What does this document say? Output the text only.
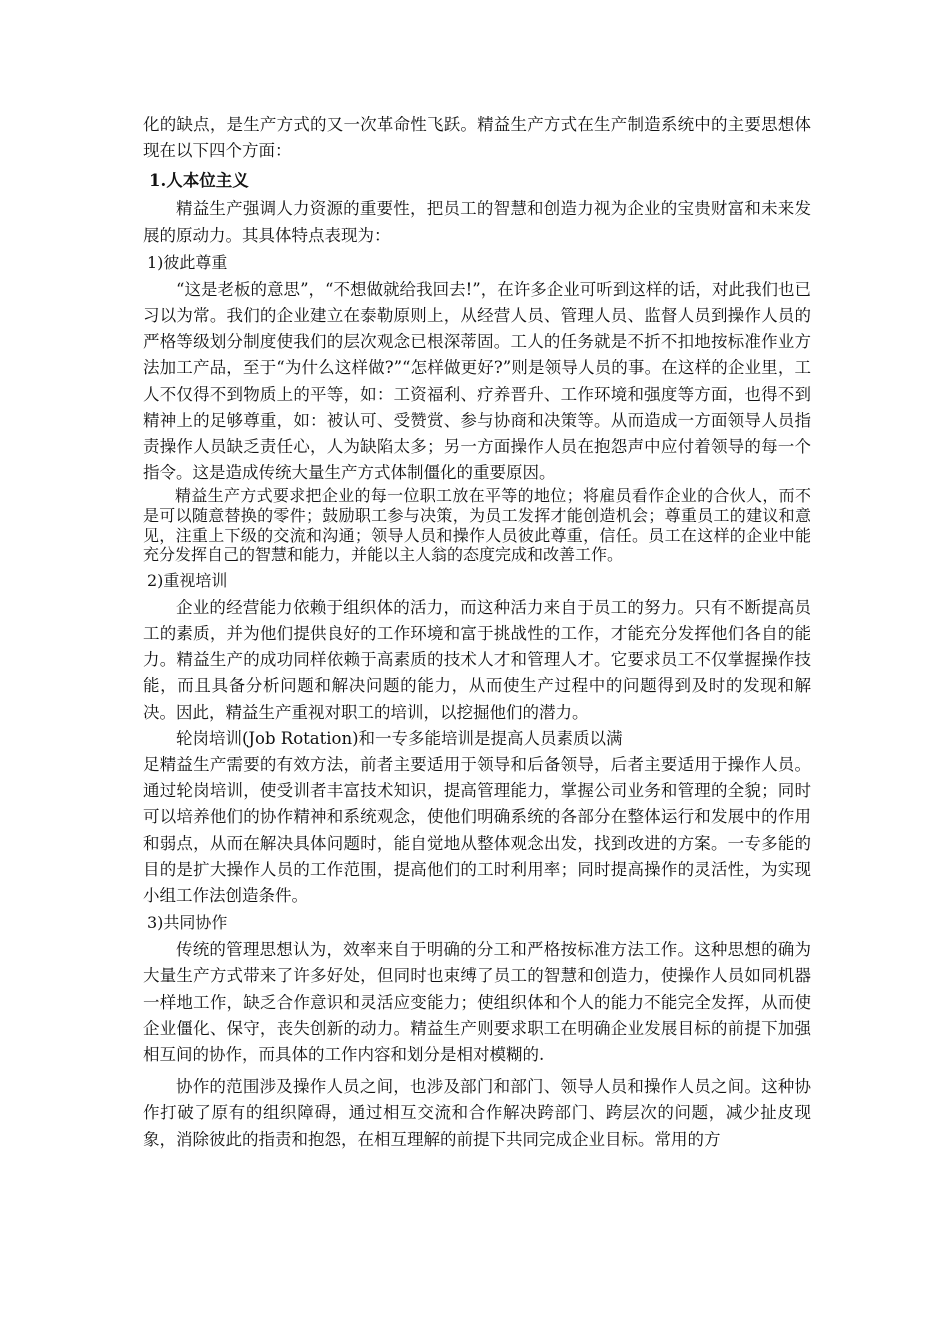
化的缺点，是生产方式的又一次革命性飞跃。精益生产方式在生产制造系统中的主要思想体现在以下四个方面：

1.人本位主义

精益生产强调人力资源的重要性，把员工的智慧和创造力视为企业的宝贵财富和未来发展的原动力。其具体特点表现为：

1)彼此尊重

“这是老板的意思”，“不想做就给我回去!”，在许多企业可听到这样的话，对此我们也已习以为常。我们的企业建立在泰勒原则上，从经营人员、管理人员、监督人员到操作人员的严格等级划分制度使我们的层次观念已根深蒂固。工人的任务就是不折不扣地按标准作业方法加工产品，至于“为什么这样做?”“怎样做更好?”则是领导人员的事。在这样的企业里，工人不仅得不到物质上的平等，如：工资福利、疗养晋升、工作环境和强度等方面，也得不到精神上的足够尊重，如：被认可、受赞赏、参与协商和决策等。从而造成一方面领导人员指责操作人员缺乏责任心，人为缺陷太多；另一方面操作人员在抱怨声中应付着领导的每一个指令。这是造成传统大量生产方式体制僵化的重要原因。

精益生产方式要求把企业的每一位职工放在平等的地位；将雇员看作企业的合伙人，而不是可以随意替换的零件；鼓励职工参与决策，为员工发挥才能创造机会；尊重员工的建议和意见，注重上下级的交流和沟通；领导人员和操作人员彼此尊重，信任。员工在这样的企业中能充分发挥自己的智慧和能力，并能以主人翁的态度完成和改善工作。

2)重视培训

企业的经营能力依赖于组织体的活力，而这种活力来自于员工的努力。只有不断提高员工的素质，并为他们提供良好的工作环境和富于挑战性的工作，才能充分发挥他们各自的能力。精益生产的成功同样依赖于高素质的技术人才和管理人才。它要求员工不仅掌握操作技能，而且具备分析问题和解决问题的能力，从而使生产过程中的问题得到及时的发现和解决。因此，精益生产重视对职工的培训，以挖掘他们的潜力。

轮岗培训(Job Rotation)和一专多能培训是提高人员素质以满

足精益生产需要的有效方法，前者主要适用于领导和后备领导，后者主要适用于操作人员。通过轮岗培训，使受训者丰富技术知识，提高管理能力，掌握公司业务和管理的全貌；同时可以培养他们的协作精神和系统观念，使他们明确系统的各部分在整体运行和发展中的作用和弱点，从而在解决具体问题时，能自觉地从整体观念出发，找到改进的方案。一专多能的目的是扩大操作人员的工作范围，提高他们的工时利用率；同时提高操作的灵活性，为实现小组工作法创造条件。

3)共同协作

传统的管理思想认为，效率来自于明确的分工和严格按标准方法工作。这种思想的确为大量生产方式带来了许多好处，但同时也束缚了员工的智慧和创造力，使操作人员如同机器一样地工作，缺乏合作意识和灵活应变能力；使组织体和个人的能力不能完全发挥，从而使企业僵化、保守，丧失创新的动力。精益生产则要求职工在明确企业发展目标的前提下加强相互间的协作，而具体的工作内容和划分是相对模糊的.

协作的范围涉及操作人员之间，也涉及部门和部门、领导人员和操作人员之间。这种协作打破了原有的组织障碍，通过相互交流和合作解决跨部门、跨层次的问题，减少扯皮现象，消除彼此的指责和抱怨，在相互理解的前提下共同完成企业目标。常用的方
